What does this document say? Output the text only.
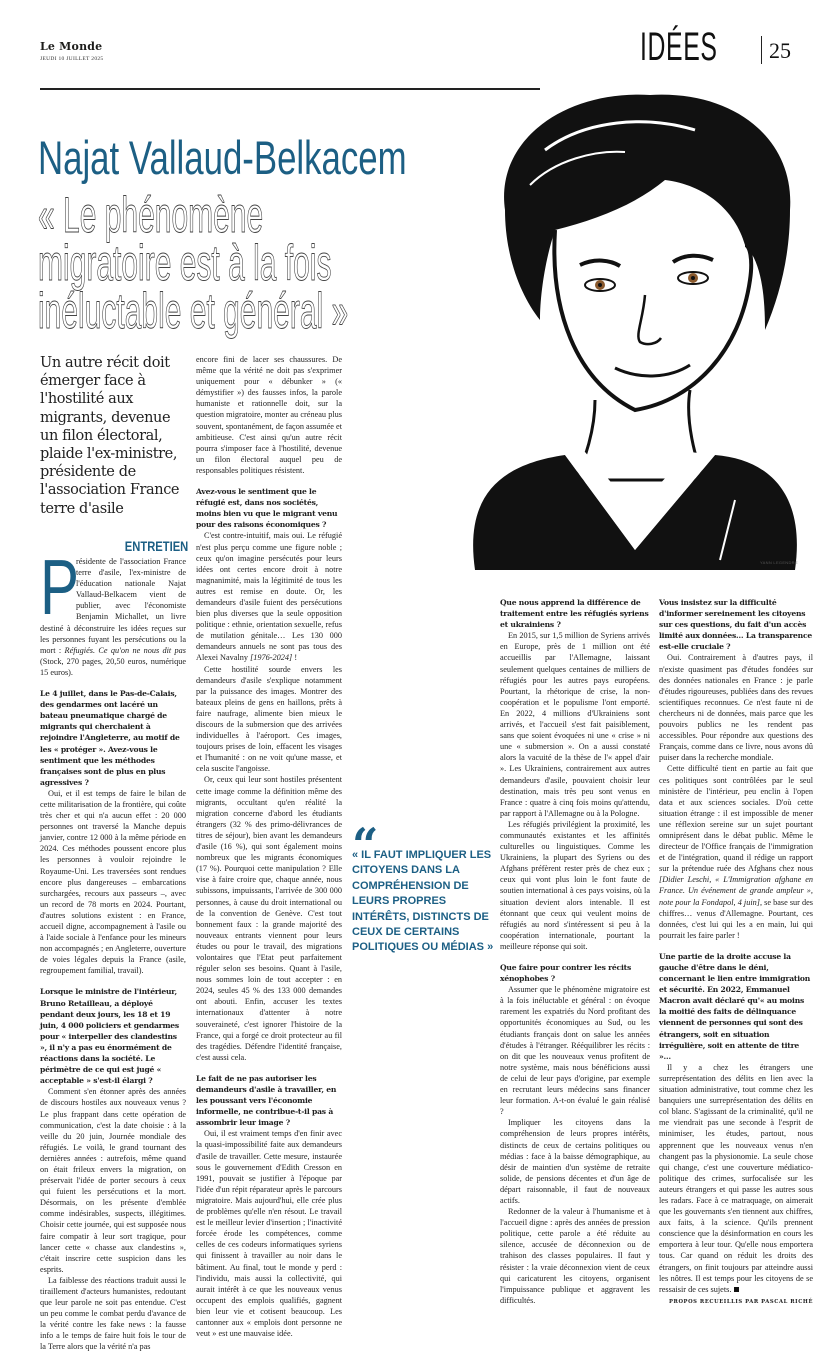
Le Monde
JEUDI 10 JUILLET 2025	IDÉES 25
YANN LEGENDRE
Najat Vallaud-Belkacem
« Le phénomène
migratoire est à la fois
inéluctable et général »
Un autre récit doit émerger face à l'hostilité aux migrants, devenue un filon électoral, plaide l'ex-ministre, présidente de l'association France terre d'asile
ENTRETIEN

P
résidente de l'association France terre d'asile, l'ex-ministre de l'éducation nationale Najat Vallaud-Belkacem vient de publier, avec l'économiste Benjamin Michallet, un livre destiné à déconstruire les idées reçues sur les personnes fuyant les persécutions ou la mort : Réfugiés. Ce qu'on ne nous dit pas (Stock, 270 pages, 20,50 euros, numérique 15 euros).

Le 4 juillet, dans le Pas-de-Calais, des gendarmes ont lacéré un bateau pneumatique chargé de migrants qui cherchaient à rejoindre l'Angleterre, au motif de les « protéger ». Avez-vous le sentiment que les méthodes françaises sont de plus en plus agressives ?

Oui, et il est temps de faire le bilan de cette militarisation de la frontière, qui coûte très cher et qui n'a aucun effet : 20 000 personnes ont traversé la Manche depuis janvier, contre 12 000 à la même période en 2024. Ces méthodes poussent encore plus les personnes à vouloir rejoindre le Royaume-Uni. Les traversées sont rendues encore plus dangereuses – embarcations surchargées, recours aux passeurs –, avec un record de 78 morts en 2024. Pourtant, d'autres solutions existent : en France, accueil digne, accompagnement à l'asile ou à l'aide sociale à l'enfance pour les mineurs non accompagnés ; en Angleterre, ouverture de voies légales depuis la France (asile, regroupement familial, travail).

Lorsque le ministre de l'intérieur, Bruno Retailleau, a déployé pendant deux jours, les 18 et 19 juin, 4 000 policiers et gendarmes pour « interpeller des clandestins », il n'y a pas eu énormément de réactions dans la société. Le périmètre de ce qui est jugé « acceptable » s'est-il élargi ?

Comment s'en étonner après des années de discours hostiles aux nouveaux venus ? Le plus frappant dans cette opération de communication, c'est la date choisie : à la veille du 20 juin, Journée mondiale des réfugiés. Le voilà, le grand tournant des dernières années : autrefois, même quand on était frileux envers la migration, on préservait l'idée de porter secours à ceux qui fuient les persécutions et la mort. Désormais, on les présente d'emblée comme indésirables, suspects, illégitimes. Choisir cette journée, qui est supposée nous faire compatir à leur sort tragique, pour lancer cette « chasse aux clandestins », c'était inscrire cette suspicion dans les esprits.

La faiblesse des réactions traduit aussi le tiraillement d'acteurs humanistes, redoutant que leur parole ne soit pas entendue. C'est un peu comme le combat perdu d'avance de la vérité contre les fake news : la fausse info a le temps de faire huit fois le tour de la Terre alors que la vérité n'a pas

encore fini de lacer ses chaussures. De même que la vérité ne doit pas s'exprimer uniquement pour « débunker » (« démystifier ») des fausses infos, la parole humaniste et rationnelle doit, sur la question migratoire, monter au créneau plus souvent, spontanément, de façon assumée et ambitieuse. C'est ainsi qu'un autre récit pourra s'imposer face à l'hostilité, devenue un filon électoral auquel peu de responsables politiques résistent.

Avez-vous le sentiment que le réfugié est, dans nos sociétés, moins bien vu que le migrant venu pour des raisons économiques ?

C'est contre-intuitif, mais oui. Le réfugié n'est plus perçu comme une figure noble ; ceux qu'on imagine persécutés pour leurs idées ont certes encore droit à notre magnanimité, mais la légitimité de tous les autres est remise en doute. Or, les demandeurs d'asile fuient des persécutions bien plus diverses que la seule opposition politique : ethnie, orientation sexuelle, refus de mutilation génitale… Les 130 000 demandeurs annuels ne sont pas tous des Alexei Navalny [1976-2024] !

Cette hostilité sourde envers les demandeurs d'asile s'explique notamment par la puissance des images. Montrer des bateaux pleins de gens en haillons, prêts à faire naufrage, alimente bien mieux le discours de la submersion que des arrivées individuelles à l'aéroport. Ces images, toujours prises de loin, effacent les visages et l'humanité : on ne voit qu'une masse, et cela suscite l'angoisse.

Or, ceux qui leur sont hostiles présentent cette image comme la définition même des migrants, occultant qu'en réalité la migration concerne d'abord les étudiants étrangers (32 % des primo-délivrances de titres de séjour), bien avant les demandeurs d'asile (16 %), qui sont également moins nombreux que les migrants économiques (17 %). Pourquoi cette manipulation ? Elle vise à faire croire que, chaque année, nous subissons, impuissants, l'arrivée de 300 000 personnes, à cause du droit international ou de la convention de Genève. C'est tout bonnement faux : la grande majorité des nouveaux entrants viennent pour leurs études ou pour le travail, des migrations volontaires que l'Etat peut parfaitement réguler selon ses besoins. Quant à l'asile, nous sommes loin de tout accepter : en 2024, seules 45 % des 133 000 demandes ont abouti. Enfin, accuser les textes internationaux d'attenter à notre souveraineté, c'est ignorer l'histoire de la France, qui a forgé ce droit protecteur au fil des tragédies. Défendre l'identité française, c'est aussi cela.

Le fait de ne pas autoriser les demandeurs d'asile à travailler, en les poussant vers l'économie informelle, ne contribue-t-il pas à assombrir leur image ?

Oui, il est vraiment temps d'en finir avec la quasi-impossibilité faite aux demandeurs d'asile de travailler. Cette mesure, instaurée sous le gouvernement d'Edith Cresson en 1991, pouvait se justifier à l'époque par l'idée d'un répit réparateur après le parcours migratoire. Mais aujourd'hui, elle crée plus de problèmes qu'elle n'en résout. Le travail est le meilleur levier d'insertion ; l'inactivité forcée érode les compétences, comme celles de ces codeurs informatiques syriens qui finissent à travailler au noir dans le bâtiment. Au final, tout le monde y perd : l'individu, mais aussi la collectivité, qui aurait intérêt à ce que les nouveaux venus occupent des emplois qualifiés, gagnent bien leur vie et cotisent beaucoup. Les cantonner aux « emplois dont personne ne veut » est une mauvaise idée.

“
« IL FAUT IMPLIQUER LES CITOYENS DANS LA COMPRÉHENSION DE LEURS PROPRES INTÉRÊTS, DISTINCTS DE CEUX DE CERTAINS POLITIQUES OU MÉDIAS »

Que nous apprend la différence de traitement entre les réfugiés syriens et ukrainiens ?

En 2015, sur 1,5 million de Syriens arrivés en Europe, près de 1 million ont été accueillis par l'Allemagne, laissant seulement quelques centaines de milliers de réfugiés pour les autres pays européens. Pourtant, la rhétorique de crise, la non-coopération et le populisme l'ont emporté. En 2022, 4 millions d'Ukrainiens sont arrivés, et l'accueil s'est fait paisiblement, sans que soient évoquées ni une « crise » ni une « submersion ». On a aussi constaté alors la vacuité de la thèse de l'« appel d'air ». Les Ukrainiens, contrairement aux autres demandeurs d'asile, pouvaient choisir leur destination, mais très peu sont venus en France : quatre à cinq fois moins qu'attendu, par rapport à l'Allemagne ou à la Pologne.

Les réfugiés privilégient la proximité, les communautés existantes et les affinités culturelles ou linguistiques. Comme les Ukrainiens, la plupart des Syriens ou des Afghans préfèrent rester près de chez eux ; ceux qui vont plus loin le font faute de soutien international à ces pays voisins, où la situation devient alors intenable. Il est étonnant que ceux qui veulent moins de réfugiés au nord s'intéressent si peu à la coopération internationale, pourtant la meilleure réponse qui soit.

Que faire pour contrer les récits xénophobes ?

Assumer que le phénomène migratoire est à la fois inéluctable et général : on évoque rarement les expatriés du Nord profitant des opportunités économiques au Sud, ou les étudiants français dont on salue les années d'études à l'étranger. Rééquilibrer les récits : on dit que les nouveaux venus profitent de notre système, mais nous bénéficions aussi de celui de leur pays d'origine, par exemple en recrutant leurs médecins sans financer leur formation. A-t-on évalué le gain réalisé ?

Impliquer les citoyens dans la compréhension de leurs propres intérêts, distincts de ceux de certains politiques ou médias : face à la baisse démographique, au désir de maintien d'un système de retraite solide, de pensions décentes et d'un âge de départ raisonnable, il faut de nouveaux actifs.

Redonner de la valeur à l'humanisme et à l'accueil digne : après des années de pression politique, cette parole a été réduite au silence, accusée de déconnexion ou de trahison des classes populaires. Il faut y résister : la vraie déconnexion vient de ceux qui caricaturent les citoyens, organisent l'impuissance publique et aggravent les difficultés.

Vous insistez sur la difficulté d'informer sereinement les citoyens sur ces questions, du fait d'un accès limité aux données… La transparence est-elle cruciale ?

Oui. Contrairement à d'autres pays, il n'existe quasiment pas d'études fondées sur des données nationales en France : je parle d'études rigoureuses, publiées dans des revues scientifiques reconnues. Ce n'est faute ni de chercheurs ni de données, mais parce que les pouvoirs publics ne les rendent pas accessibles. Pour répondre aux questions des Français, comme dans ce livre, nous avons dû puiser dans la recherche mondiale.

Cette difficulté tient en partie au fait que ces politiques sont contrôlées par le seul ministère de l'intérieur, peu enclin à l'open data et aux sciences sociales. D'où cette situation étrange : il est impossible de mener une réflexion sereine sur un sujet pourtant omniprésent dans le débat public. Même le directeur de l'Office français de l'immigration et de l'intégration, quand il rédige un rapport sur la prétendue ruée des Afghans chez nous [Didier Leschi, « L'Immigration afghane en France. Un événement de grande ampleur », note pour la Fondapol, 4 juin], se base sur des chiffres… venus d'Allemagne. Pourtant, ces données, c'est lui qui les a en main, lui qui pourrait les faire parler !

Une partie de la droite accuse la gauche d'être dans le déni, concernant le lien entre immigration et sécurité. En 2022, Emmanuel Macron avait déclaré qu'« au moins la moitié des faits de délinquance viennent de personnes qui sont des étrangers, soit en situation irrégulière, soit en attente de titre »…

Il y a chez les étrangers une surreprésentation des délits en lien avec la situation administrative, tout comme chez les banquiers une surreprésentation des délits en col blanc. S'agissant de la criminalité, qu'il ne me viendrait pas une seconde à l'esprit de minimiser, les études, partout, nous apprennent que les nouveaux venus n'en changent pas la physionomie. La seule chose qui change, c'est une couverture médiatico-politique des crimes, surfocalisée sur les auteurs étrangers et qui passe les autres sous les radars. Face à ce matraquage, on aimerait que les gouvernants s'en tiennent aux chiffres, aux faits, à la science. Qu'ils prennent conscience que la désinformation en cours les emportera à leur tour. Qu'elle nous emportera tous. Car quand on réduit les droits des étrangers, on finit toujours par atteindre aussi les nôtres. Il est temps pour les citoyens de se ressaisir de ces sujets.

PROPOS RECUEILLIS PAR PASCAL RICHÉ
